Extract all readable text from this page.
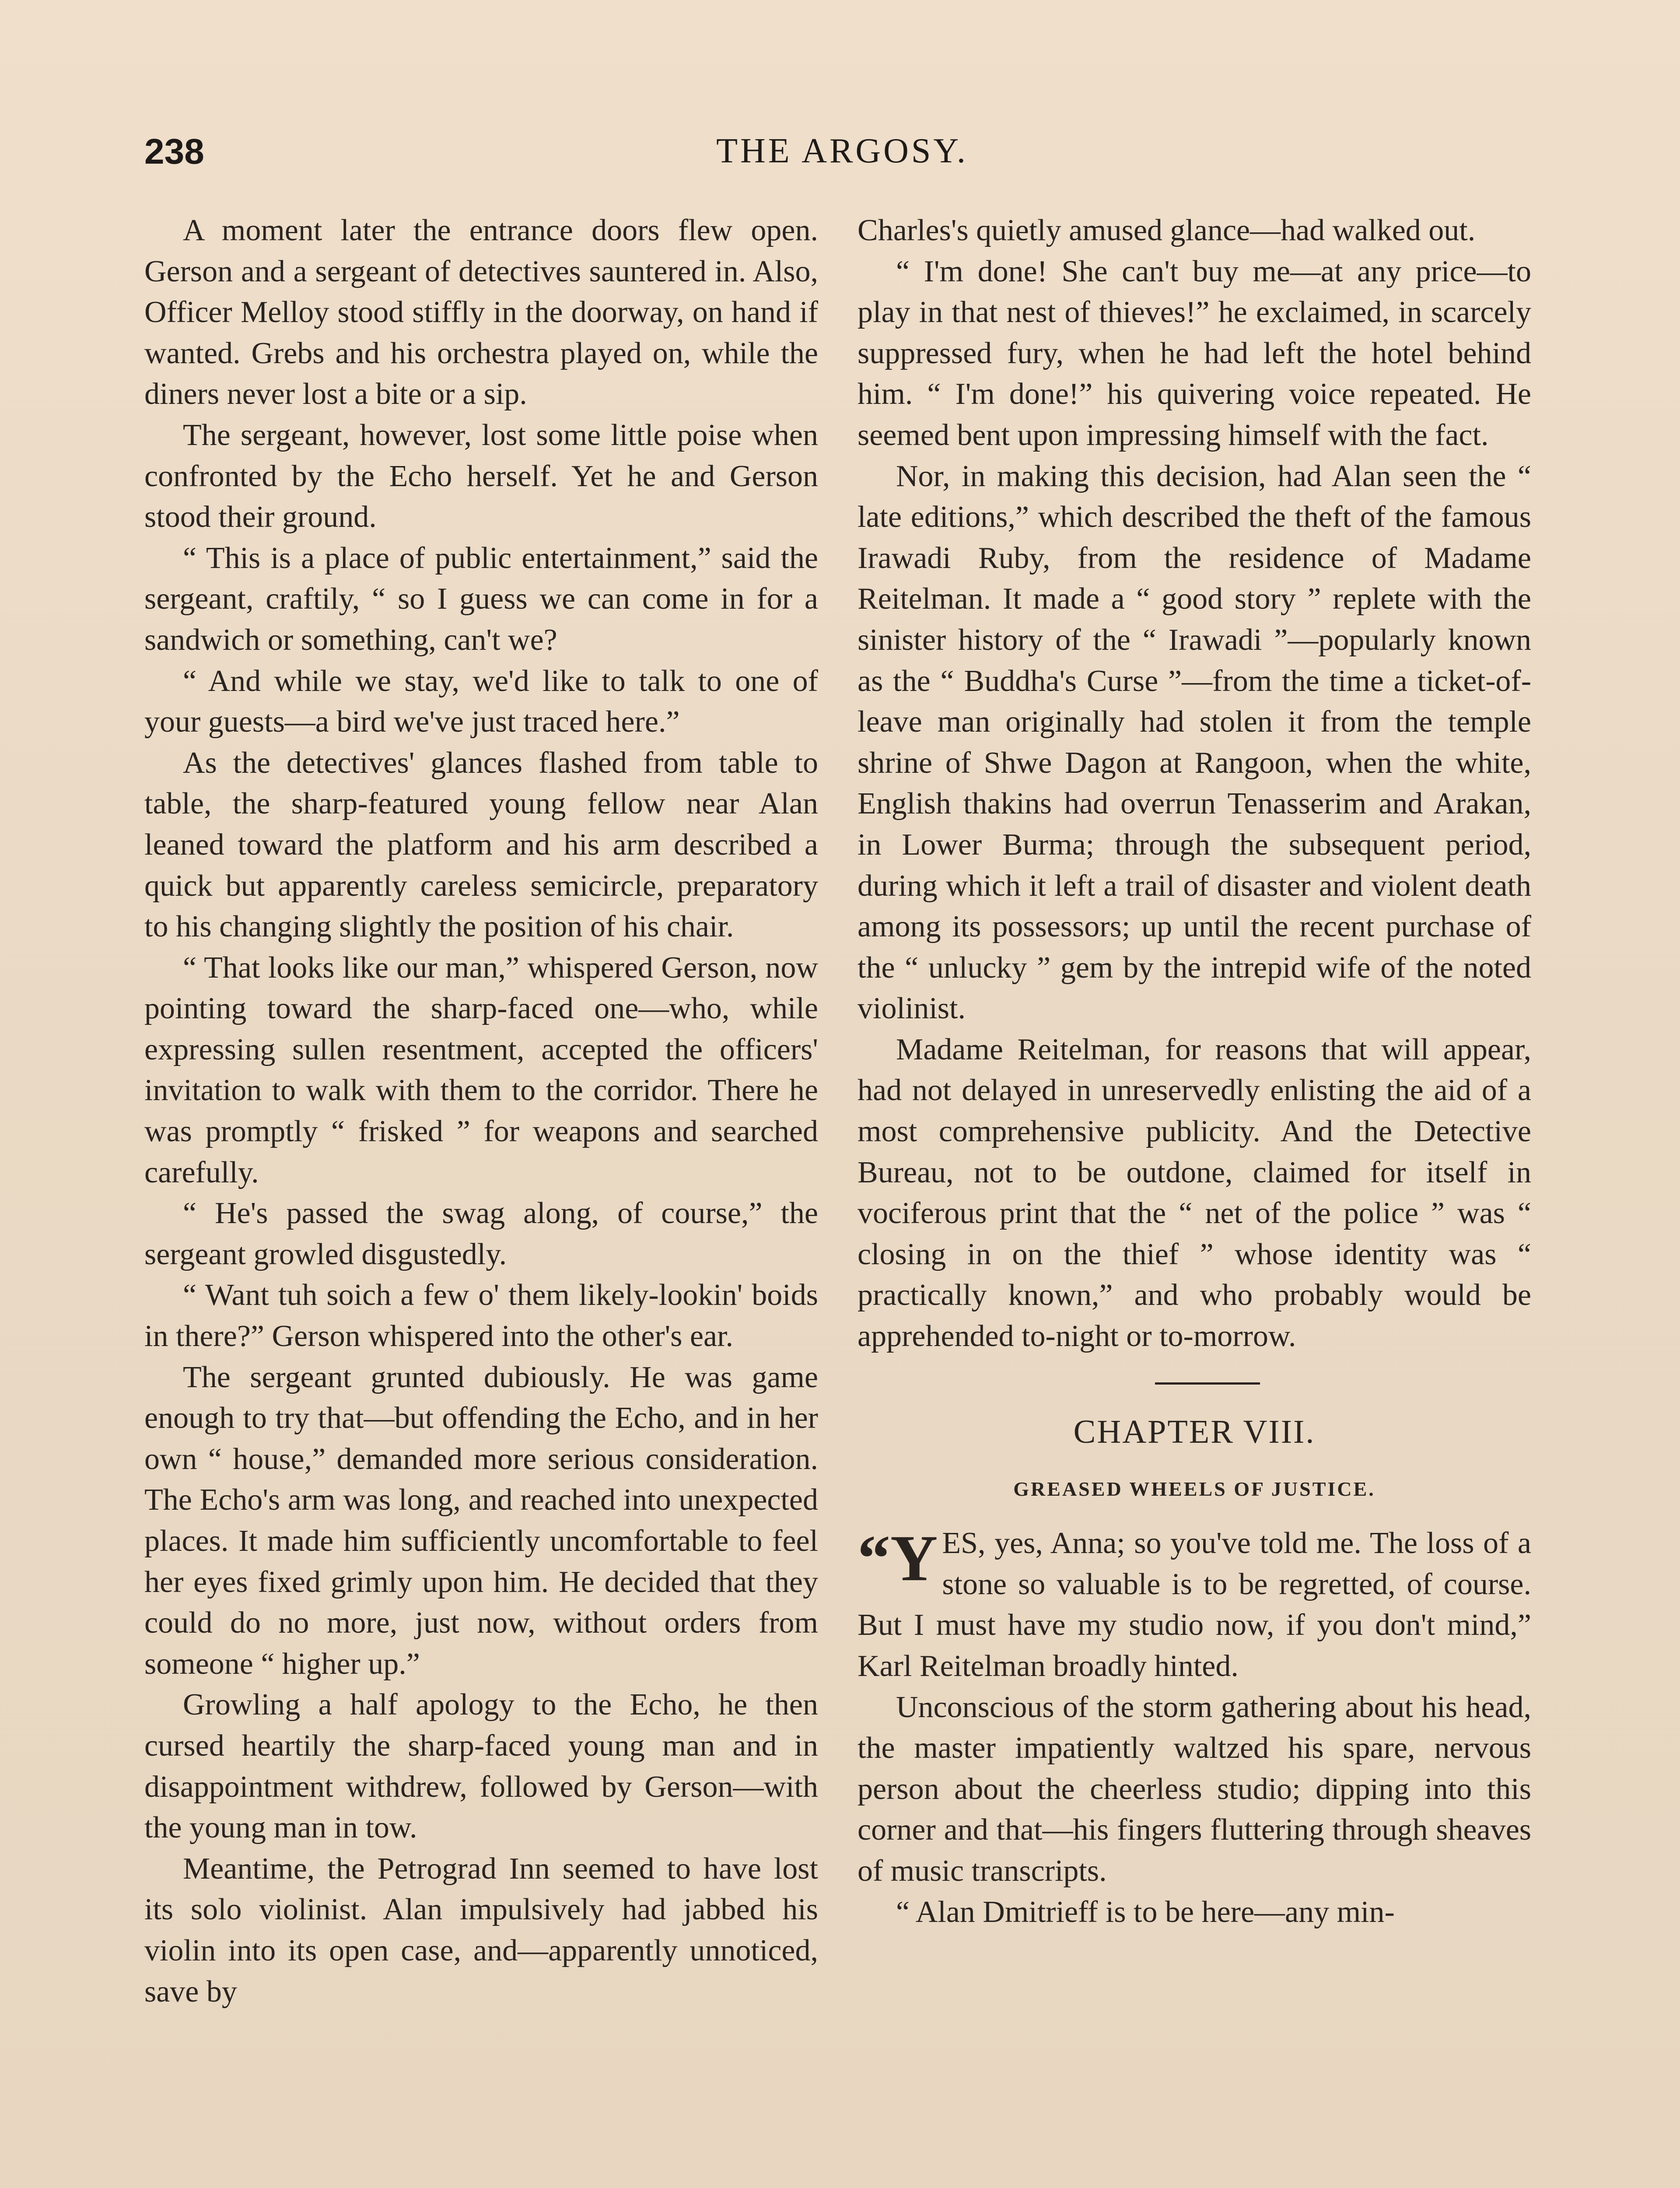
238	THE ARGOSY.

A moment later the entrance doors flew open. Gerson and a sergeant of detectives sauntered in. Also, Officer Melloy stood stiffly in the doorway, on hand if wanted. Grebs and his orchestra played on, while the diners never lost a bite or a sip.

The sergeant, however, lost some little poise when confronted by the Echo herself. Yet he and Gerson stood their ground.

“ This is a place of public entertainment,” said the sergeant, craftily, “ so I guess we can come in for a sandwich or something, can't we?

“ And while we stay, we'd like to talk to one of your guests—a bird we've just traced here.”

As the detectives' glances flashed from table to table, the sharp-featured young fellow near Alan leaned toward the platform and his arm described a quick but apparently careless semicircle, preparatory to his changing slightly the position of his chair.

“ That looks like our man,” whispered Gerson, now pointing toward the sharp-faced one—who, while expressing sullen resentment, accepted the officers' invitation to walk with them to the corridor. There he was promptly “ frisked ” for weapons and searched carefully.

“ He's passed the swag along, of course,” the sergeant growled disgustedly.

“ Want tuh soich a few o' them likely-lookin' boids in there?” Gerson whispered into the other's ear.

The sergeant grunted dubiously. He was game enough to try that—but offending the Echo, and in her own “ house,” demanded more serious consideration. The Echo's arm was long, and reached into unexpected places. It made him sufficiently uncomfortable to feel her eyes fixed grimly upon him. He decided that they could do no more, just now, without orders from someone “ higher up.”

Growling a half apology to the Echo, he then cursed heartily the sharp-faced young man and in disappointment withdrew, followed by Gerson—with the young man in tow.

Meantime, the Petrograd Inn seemed to have lost its solo violinist. Alan impulsively had jabbed his violin into its open case, and—apparently unnoticed, save by

Charles's quietly amused glance—had walked out.

“ I'm done! She can't buy me—at any price—to play in that nest of thieves!” he exclaimed, in scarcely suppressed fury, when he had left the hotel behind him. “ I'm done!” his quivering voice repeated. He seemed bent upon impressing himself with the fact.

Nor, in making this decision, had Alan seen the “ late editions,” which described the theft of the famous Irawadi Ruby, from the residence of Madame Reitelman. It made a “ good story ” replete with the sinister history of the “ Irawadi ”—popularly known as the “ Buddha's Curse ”—from the time a ticket-of-leave man originally had stolen it from the temple shrine of Shwe Dagon at Rangoon, when the white, English thakins had overrun Tenasserim and Arakan, in Lower Burma; through the subsequent period, during which it left a trail of disaster and violent death among its possessors; up until the recent purchase of the “ unlucky ” gem by the intrepid wife of the noted violinist.

Madame Reitelman, for reasons that will appear, had not delayed in unreservedly enlisting the aid of a most comprehensive publicity. And the Detective Bureau, not to be outdone, claimed for itself in vociferous print that the “ net of the police ” was “ closing in on the thief ” whose identity was “ practically known,” and who probably would be apprehended to-night or to-morrow.

CHAPTER VIII.

GREASED WHEELS OF JUSTICE.

“Y ES, yes, Anna; so you've told me. The loss of a stone so valuable is to be regretted, of course. But I must have my studio now, if you don't mind,” Karl Reitelman broadly hinted.

Unconscious of the storm gathering about his head, the master impatiently waltzed his spare, nervous person about the cheerless studio; dipping into this corner and that—his fingers fluttering through sheaves of music transcripts.

“ Alan Dmitrieff is to be here—any min-
